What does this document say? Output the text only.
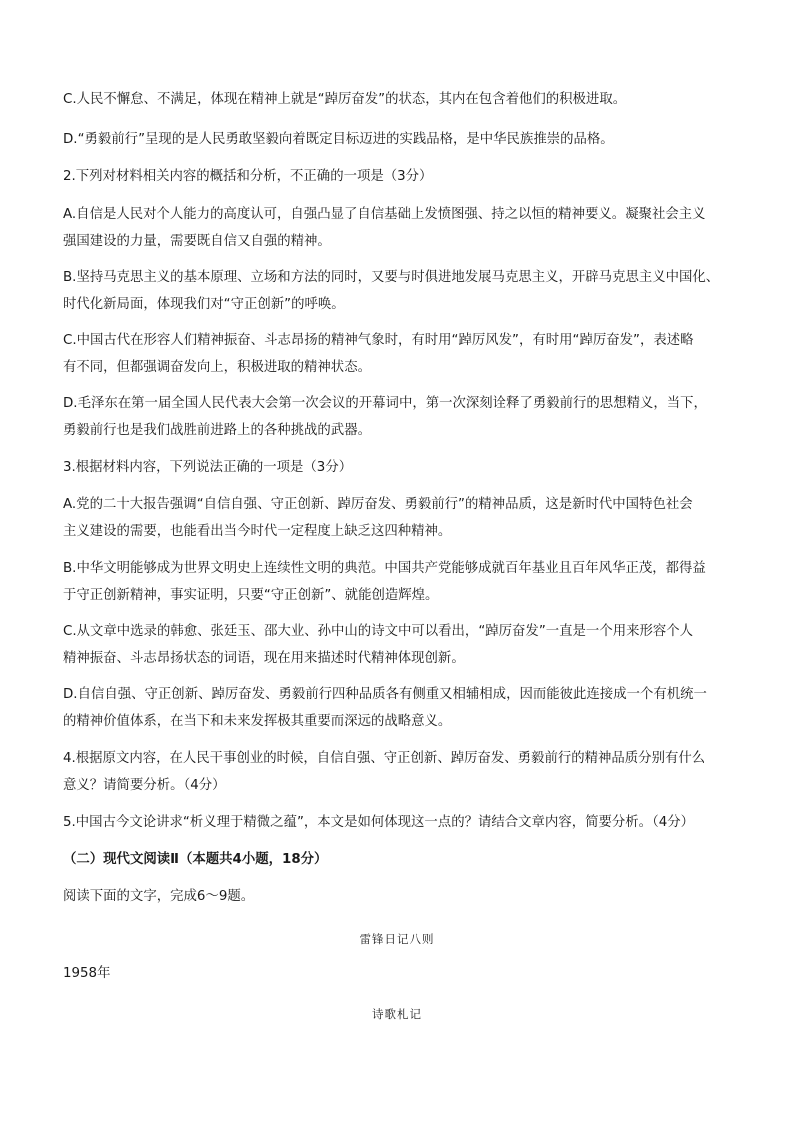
C.人民不懈怠、不满足，体现在精神上就是“踔厉奋发”的状态，其内在包含着他们的积极进取。

D.“勇毅前行”呈现的是人民勇敢坚毅向着既定目标迈进的实践品格，是中华民族推崇的品格。

2.下列对材料相关内容的概括和分析，不正确的一项是（3分）

A.自信是人民对个人能力的高度认可，自强凸显了自信基础上发愤图强、持之以恒的精神要义。凝聚社会主义

强国建设的力量，需要既自信又自强的精神。

B.坚持马克思主义的基本原理、立场和方法的同时，又要与时俱进地发展马克思主义，开辟马克思主义中国化、

时代化新局面，体现我们对“守正创新”的呼唤。

C.中国古代在形容人们精神振奋、斗志昂扬的精神气象时，有时用“踔厉风发”，有时用“踔厉奋发”，表述略

有不同，但都强调奋发向上，积极进取的精神状态。

D.毛泽东在第一届全国人民代表大会第一次会议的开幕词中，第一次深刻诠释了勇毅前行的思想精义，当下，

勇毅前行也是我们战胜前进路上的各种挑战的武器。

3.根据材料内容，下列说法正确的一项是（3分）

A.党的二十大报告强调“自信自强、守正创新、踔厉奋发、勇毅前行”的精神品质，这是新时代中国特色社会

主义建设的需要，也能看出当今时代一定程度上缺乏这四种精神。

B.中华文明能够成为世界文明史上连续性文明的典范。中国共产党能够成就百年基业且百年风华正茂，都得益

于守正创新精神，事实证明，只要“守正创新”、就能创造辉煌。

C.从文章中选录的韩愈、张廷玉、邵大业、孙中山的诗文中可以看出，“踔厉奋发”一直是一个用来形容个人

精神振奋、斗志昂扬状态的词语，现在用来描述时代精神体现创新。

D.自信自强、守正创新、踔厉奋发、勇毅前行四种品质各有侧重又相辅相成，因而能彼此连接成一个有机统一

的精神价值体系，在当下和未来发挥极其重要而深远的战略意义。

4.根据原文内容，在人民干事创业的时候，自信自强、守正创新、踔厉奋发、勇毅前行的精神品质分别有什么

意义？请简要分析。（4分）

5.中国古今文论讲求“析义理于精微之蕴”，本文是如何体现这一点的？请结合文章内容，简要分析。（4分）

（二）现代文阅读Ⅱ（本题共4小题，18分）

阅读下面的文字，完成6～9题。

雷锋日记八则

1958年

诗歌札记
